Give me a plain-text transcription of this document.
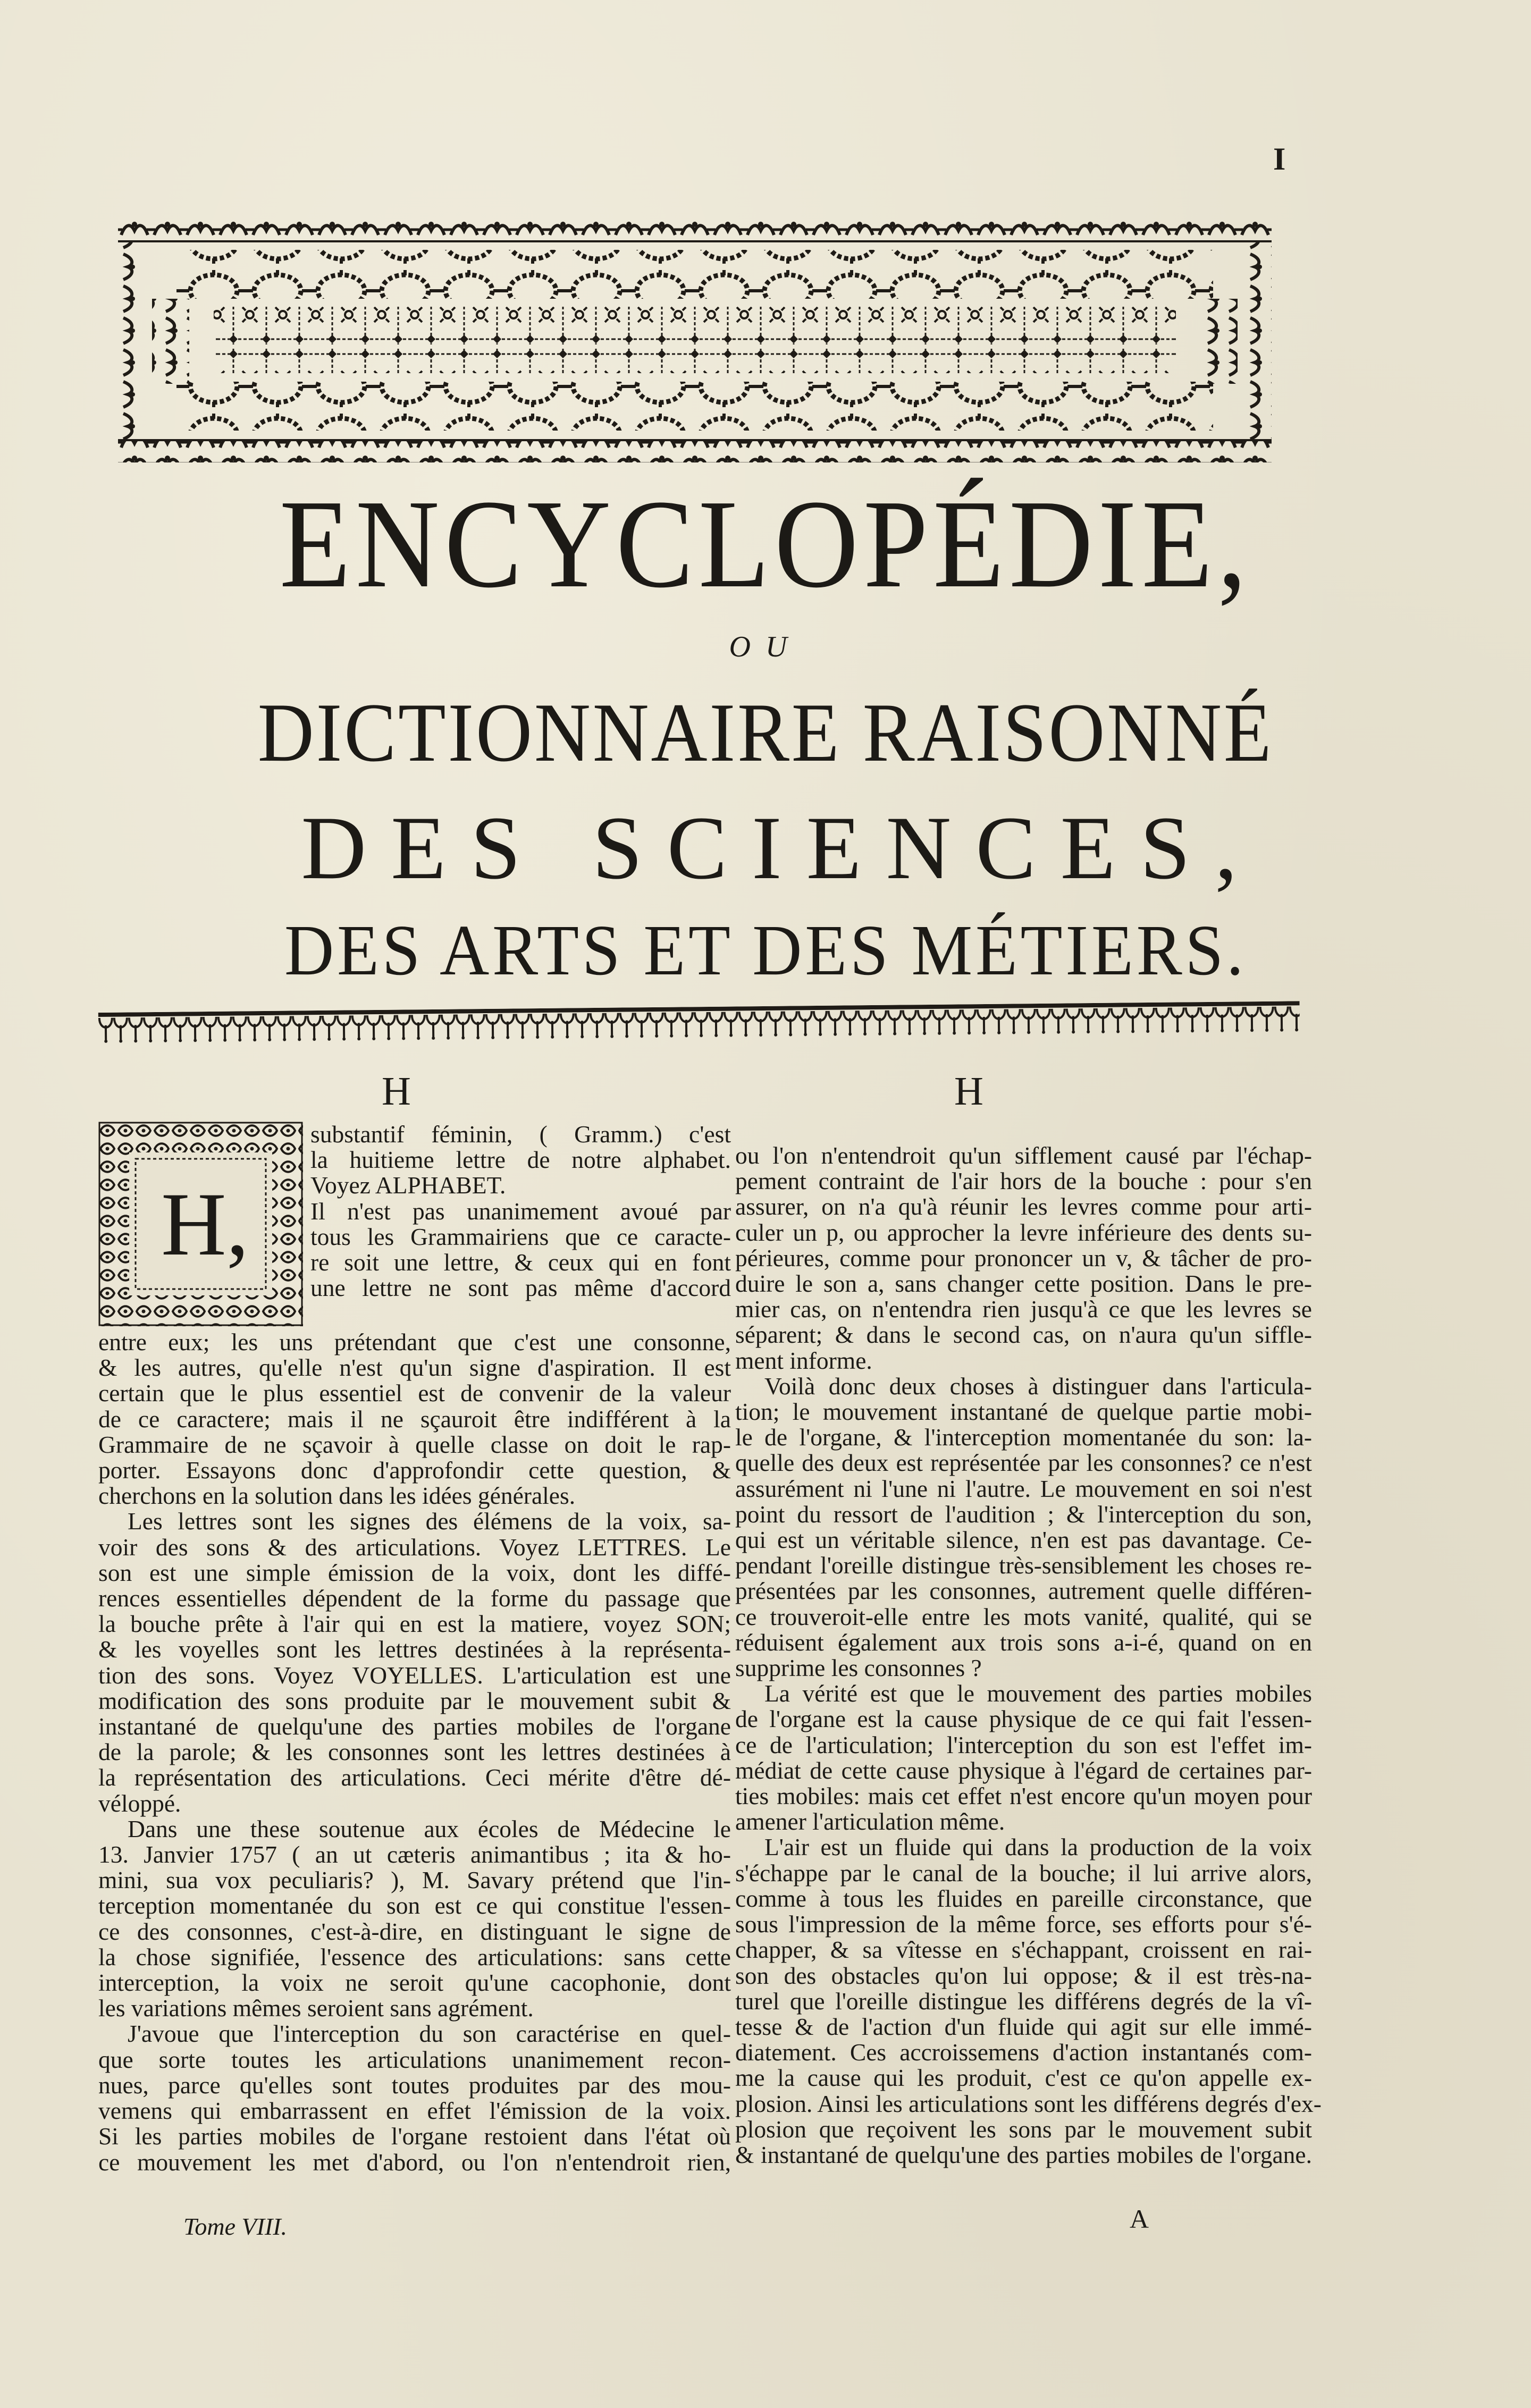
I
ENCYCLOPÉDIE,
OU
DICTIONNAIRE RAISONNÉ
DES SCIENCES,
DES ARTS ET DES MÉTIERS.
H	H
H,
substantif féminin, ( Gramm.) c'est
la huitieme lettre de notre alphabet.
Voyez ALPHABET.
Il n'est pas unanimement avoué par
tous les Grammairiens que ce caracte-
re soit une lettre, & ceux qui en font
une lettre ne sont pas même d'accord
entre eux; les uns prétendant que c'est une consonne,
& les autres, qu'elle n'est qu'un signe d'aspiration. Il est
certain que le plus essentiel est de convenir de la valeur
de ce caractere; mais il ne sçauroit être indifférent à la
Grammaire de ne sçavoir à quelle classe on doit le rap-
porter. Essayons donc d'approfondir cette question, &
cherchons en la solution dans les idées générales.
Les lettres sont les signes des élémens de la voix, sa-
voir des sons & des articulations. Voyez LETTRES. Le
son est une simple émission de la voix, dont les diffé-
rences essentielles dépendent de la forme du passage que
la bouche prête à l'air qui en est la matiere, voyez SON;
& les voyelles sont les lettres destinées à la représenta-
tion des sons. Voyez VOYELLES. L'articulation est une
modification des sons produite par le mouvement subit &
instantané de quelqu'une des parties mobiles de l'organe
de la parole; & les consonnes sont les lettres destinées à
la représentation des articulations. Ceci mérite d'être dé-
véloppé.
Dans une these soutenue aux écoles de Médecine le
13. Janvier 1757 ( an ut cæteris animantibus ; ita & ho-
mini, sua vox peculiaris? ), M. Savary prétend que l'in-
terception momentanée du son est ce qui constitue l'essen-
ce des consonnes, c'est-à-dire, en distinguant le signe de
la chose signifiée, l'essence des articulations: sans cette
interception, la voix ne seroit qu'une cacophonie, dont
les variations mêmes seroient sans agrément.
J'avoue que l'interception du son caractérise en quel-
que sorte toutes les articulations unanimement recon-
nues, parce qu'elles sont toutes produites par des mou-
vemens qui embarrassent en effet l'émission de la voix.
Si les parties mobiles de l'organe restoient dans l'état où
ce mouvement les met d'abord, ou l'on n'entendroit rien,
ou l'on n'entendroit qu'un sifflement causé par l'échap-
pement contraint de l'air hors de la bouche : pour s'en
assurer, on n'a qu'à réunir les levres comme pour arti-
culer un p, ou approcher la levre inférieure des dents su-
périeures, comme pour prononcer un v, & tâcher de pro-
duire le son a, sans changer cette position. Dans le pre-
mier cas, on n'entendra rien jusqu'à ce que les levres se
séparent; & dans le second cas, on n'aura qu'un siffle-
ment informe.
Voilà donc deux choses à distinguer dans l'articula-
tion; le mouvement instantané de quelque partie mobi-
le de l'organe, & l'interception momentanée du son: la-
quelle des deux est représentée par les consonnes? ce n'est
assurément ni l'une ni l'autre. Le mouvement en soi n'est
point du ressort de l'audition ; & l'interception du son,
qui est un véritable silence, n'en est pas davantage. Ce-
pendant l'oreille distingue très-sensiblement les choses re-
présentées par les consonnes, autrement quelle différen-
ce trouveroit-elle entre les mots vanité, qualité, qui se
réduisent également aux trois sons a-i-é, quand on en
supprime les consonnes ?
La vérité est que le mouvement des parties mobiles
de l'organe est la cause physique de ce qui fait l'essen-
ce de l'articulation; l'interception du son est l'effet im-
médiat de cette cause physique à l'égard de certaines par-
ties mobiles: mais cet effet n'est encore qu'un moyen pour
amener l'articulation même.
L'air est un fluide qui dans la production de la voix
s'échappe par le canal de la bouche; il lui arrive alors,
comme à tous les fluides en pareille circonstance, que
sous l'impression de la même force, ses efforts pour s'é-
chapper, & sa vîtesse en s'échappant, croissent en rai-
son des obstacles qu'on lui oppose; & il est très-na-
turel que l'oreille distingue les différens degrés de la vî-
tesse & de l'action d'un fluide qui agit sur elle immé-
diatement. Ces accroissemens d'action instantanés com-
me la cause qui les produit, c'est ce qu'on appelle ex-
plosion. Ainsi les articulations sont les différens degrés d'ex-
plosion que reçoivent les sons par le mouvement subit
& instantané de quelqu'une des parties mobiles de l'organe.
Tome VIII.	A
